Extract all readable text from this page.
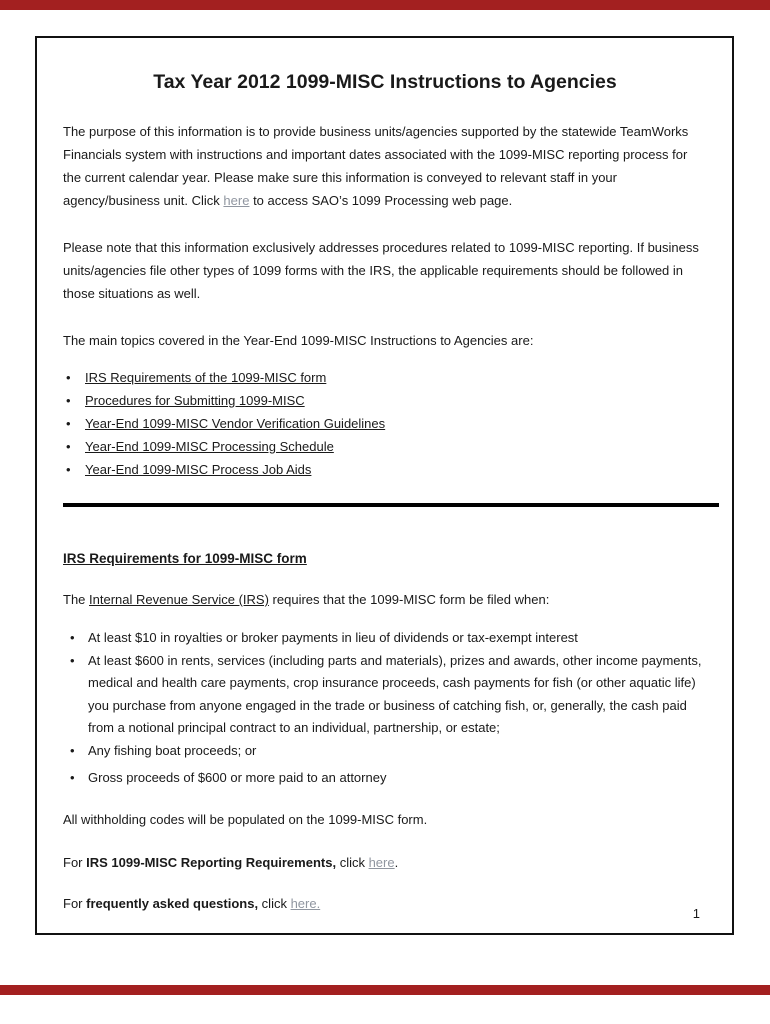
Tax Year 2012 1099-MISC Instructions to Agencies

The purpose of this information is to provide business units/agencies supported by the statewide TeamWorks Financials system with instructions and important dates associated with the 1099-MISC reporting process for the current calendar year. Please make sure this information is conveyed to relevant staff in your agency/business unit. Click here to access SAO’s 1099 Processing web page.

Please note that this information exclusively addresses procedures related to 1099-MISC reporting. If business units/agencies file other types of 1099 forms with the IRS, the applicable requirements should be followed in those situations as well.

The main topics covered in the Year-End 1099-MISC Instructions to Agencies are:

• IRS Requirements of the 1099-MISC form
• Procedures for Submitting 1099-MISC
• Year-End 1099-MISC Vendor Verification Guidelines
• Year-End 1099-MISC Processing Schedule
• Year-End 1099-MISC Process Job Aids
IRS Requirements for 1099-MISC form

The Internal Revenue Service (IRS) requires that the 1099-MISC form be filed when:

• At least $10 in royalties or broker payments in lieu of dividends or tax-exempt interest
• At least $600 in rents, services (including parts and materials), prizes and awards, other income payments, medical and health care payments, crop insurance proceeds, cash payments for fish (or other aquatic life) you purchase from anyone engaged in the trade or business of catching fish, or, generally, the cash paid from a notional principal contract to an individual, partnership, or estate;
• Any fishing boat proceeds; or
• Gross proceeds of $600 or more paid to an attorney

All withholding codes will be populated on the 1099-MISC form.

For IRS 1099-MISC Reporting Requirements, click here.

For frequently asked questions, click here.

1
